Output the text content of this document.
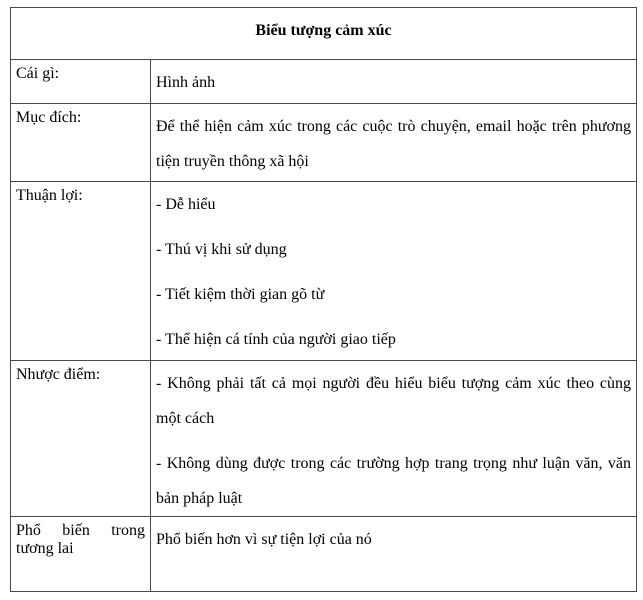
Biểu tượng cảm xúc	
Cái gì:	Hình ảnh

Mục đích:	Để thể hiện cảm xúc trong các cuộc trò chuyện, email hoặc trên phương tiện truyền thông xã hội

Thuận lợi:	- Dễ hiểu

- Thú vị khi sử dụng

- Tiết kiệm thời gian gõ từ

- Thể hiện cá tính của người giao tiếp

Nhược điểm:	- Không phải tất cả mọi người đều hiểu biểu tượng cảm xúc theo cùng một cách

- Không dùng được trong các trường hợp trang trọng như luận văn, văn bản pháp luật

Phổ biến trong tương lai	Phổ biến hơn vì sự tiện lợi của nó
